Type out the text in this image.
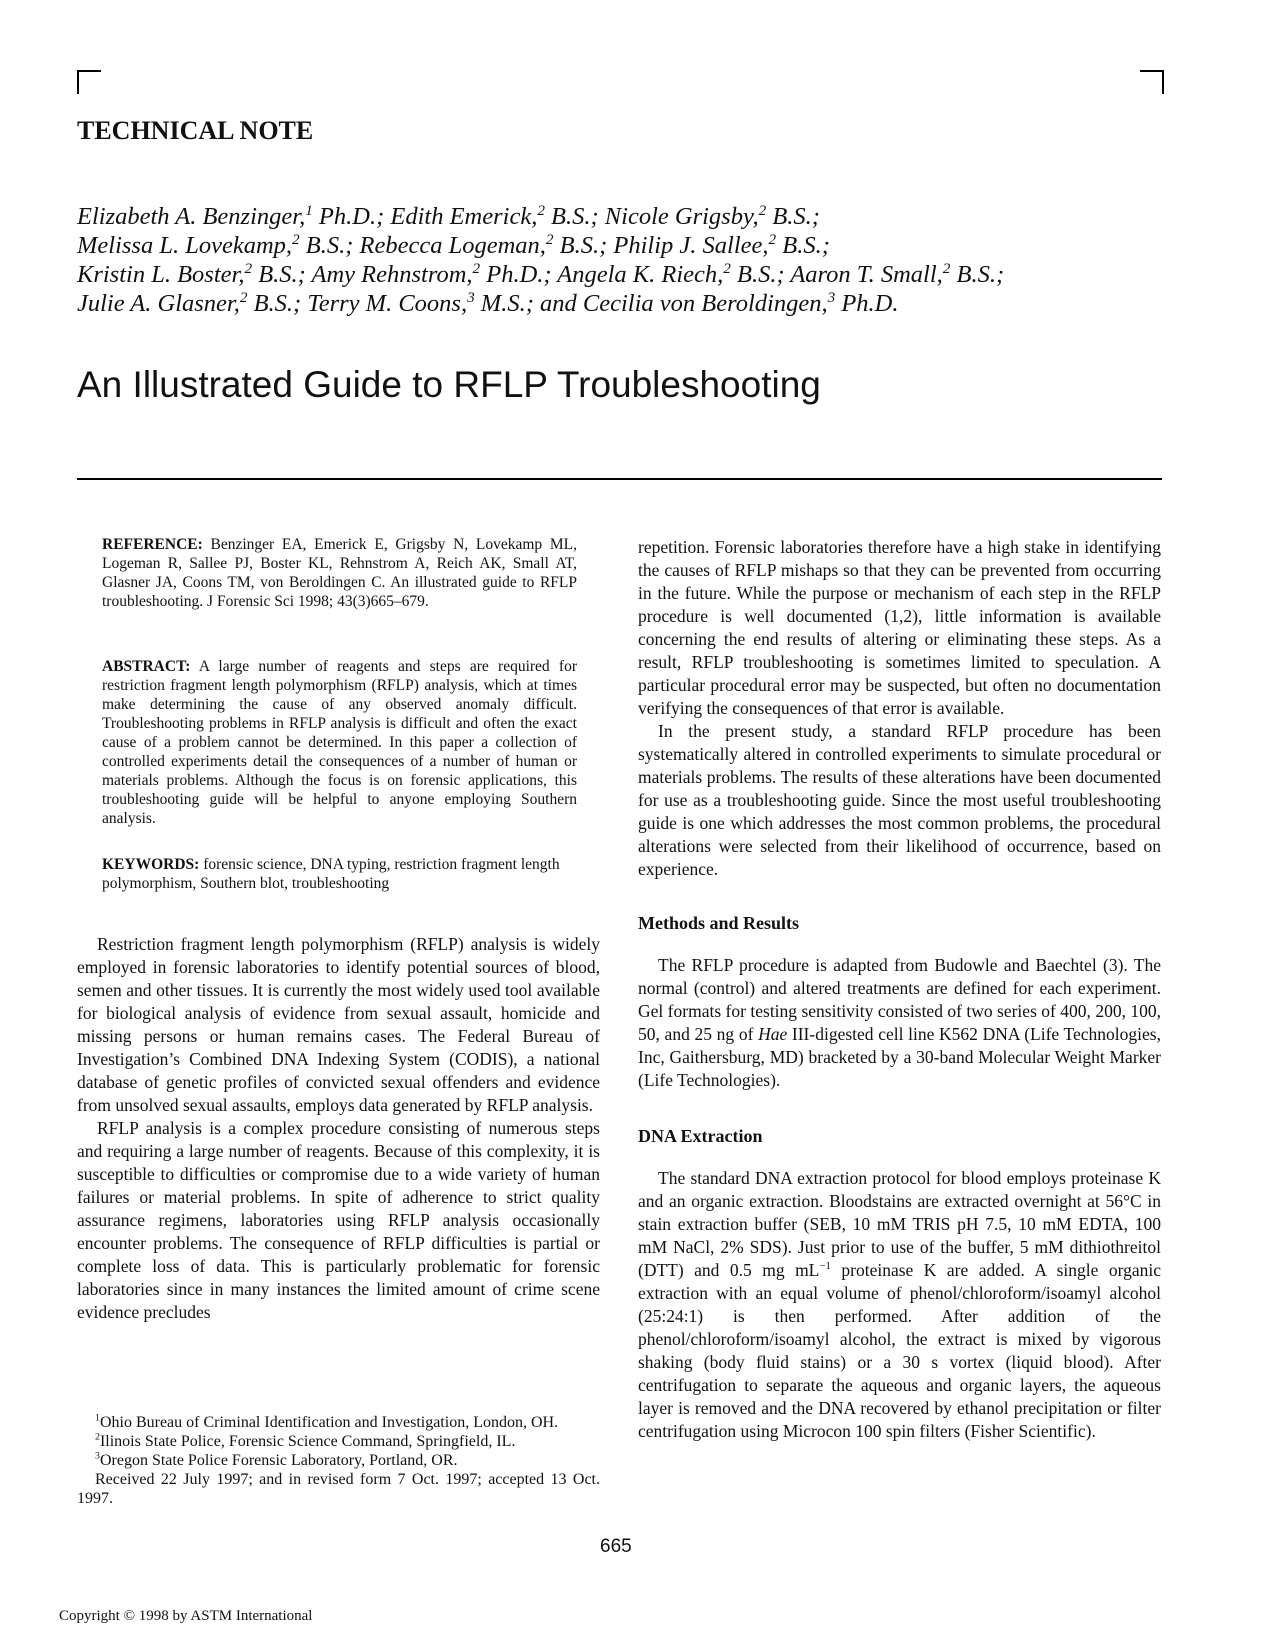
TECHNICAL NOTE
Elizabeth A. Benzinger,$^1$ Ph.D.; Edith Emerick,$^2$ B.S.; Nicole Grigsby,$^2$ B.S.;
Melissa L. Lovekamp,$^2$ B.S.; Rebecca Logeman,$^2$ B.S.; Philip J. Sallee,$^2$ B.S.;
Kristin L. Boster,$^2$ B.S.; Amy Rehnstrom,$^2$ Ph.D.; Angela K. Riech,$^2$ B.S.; Aaron T. Small,$^2$ B.S.;
Julie A. Glasner,$^2$ B.S.; Terry M. Coons,$^3$ M.S.; and Cecilia von Beroldingen,$^3$ Ph.D.
An Illustrated Guide to RFLP Troubleshooting

REFERENCE: Benzinger EA, Emerick E, Grigsby N, Lovekamp ML, Logeman R, Sallee PJ, Boster KL, Rehnstrom A, Reich AK, Small AT, Glasner JA, Coons TM, von Beroldingen C. An illustrated guide to RFLP troubleshooting. J Forensic Sci 1998; 43(3)665–679.

ABSTRACT: A large number of reagents and steps are required for restriction fragment length polymorphism (RFLP) analysis, which at times make determining the cause of any observed anomaly difficult. Troubleshooting problems in RFLP analysis is difficult and often the exact cause of a problem cannot be determined. In this paper a collection of controlled experiments detail the consequences of a number of human or materials problems. Although the focus is on forensic applications, this troubleshooting guide will be helpful to anyone employing Southern analysis.

KEYWORDS: forensic science, DNA typing, restriction fragment length polymorphism, Southern blot, troubleshooting

Restriction fragment length polymorphism (RFLP) analysis is widely employed in forensic laboratories to identify potential sources of blood, semen and other tissues. It is currently the most widely used tool available for biological analysis of evidence from sexual assault, homicide and missing persons or human remains cases. The Federal Bureau of Investigation’s Combined DNA Indexing System (CODIS), a national database of genetic profiles of convicted sexual offenders and evidence from unsolved sexual assaults, employs data generated by RFLP analysis.

RFLP analysis is a complex procedure consisting of numerous steps and requiring a large number of reagents. Because of this complexity, it is susceptible to difficulties or compromise due to a wide variety of human failures or material problems. In spite of adherence to strict quality assurance regimens, laboratories using RFLP analysis occasionally encounter problems. The consequence of RFLP difficulties is partial or complete loss of data. This is particularly problematic for forensic laboratories since in many instances the limited amount of crime scene evidence precludes

repetition. Forensic laboratories therefore have a high stake in identifying the causes of RFLP mishaps so that they can be prevented from occurring in the future. While the purpose or mechanism of each step in the RFLP procedure is well documented (1,2), little information is available concerning the end results of altering or eliminating these steps. As a result, RFLP troubleshooting is sometimes limited to speculation. A particular procedural error may be suspected, but often no documentation verifying the consequences of that error is available.

In the present study, a standard RFLP procedure has been systematically altered in controlled experiments to simulate procedural or materials problems. The results of these alterations have been documented for use as a troubleshooting guide. Since the most useful troubleshooting guide is one which addresses the most common problems, the procedural alterations were selected from their likelihood of occurrence, based on experience.

Methods and Results

The RFLP procedure is adapted from Budowle and Baechtel (3). The normal (control) and altered treatments are defined for each experiment. Gel formats for testing sensitivity consisted of two series of 400, 200, 100, 50, and 25 ng of Hae III-digested cell line K562 DNA (Life Technologies, Inc, Gaithersburg, MD) bracketed by a 30-band Molecular Weight Marker (Life Technologies).

DNA Extraction

The standard DNA extraction protocol for blood employs proteinase K and an organic extraction. Bloodstains are extracted overnight at 56°C in stain extraction buffer (SEB, 10 mM TRIS pH 7.5, 10 mM EDTA, 100 mM NaCl, 2% SDS). Just prior to use of the buffer, 5 mM dithiothreitol (DTT) and 0.5 mg $mL^{-1}$ proteinase K are added. A single organic extraction with an equal volume of phenol/chloroform/isoamyl alcohol (25:24:1) is then performed. After addition of the phenol/chloroform/isoamyl alcohol, the extract is mixed by vigorous shaking (body fluid stains) or a 30 s vortex (liquid blood). After centrifugation to separate the aqueous and organic layers, the aqueous layer is removed and the DNA recovered by ethanol precipitation or filter centrifugation using Microcon 100 spin filters (Fisher Scientific).

$^1$Ohio Bureau of Criminal Identification and Investigation, London, OH.

$^2$Ilinois State Police, Forensic Science Command, Springfield, IL.

$^3$Oregon State Police Forensic Laboratory, Portland, OR.

Received 22 July 1997; and in revised form 7 Oct. 1997; accepted 13 Oct. 1997.

665

Copyright © 1998 by ASTM International
